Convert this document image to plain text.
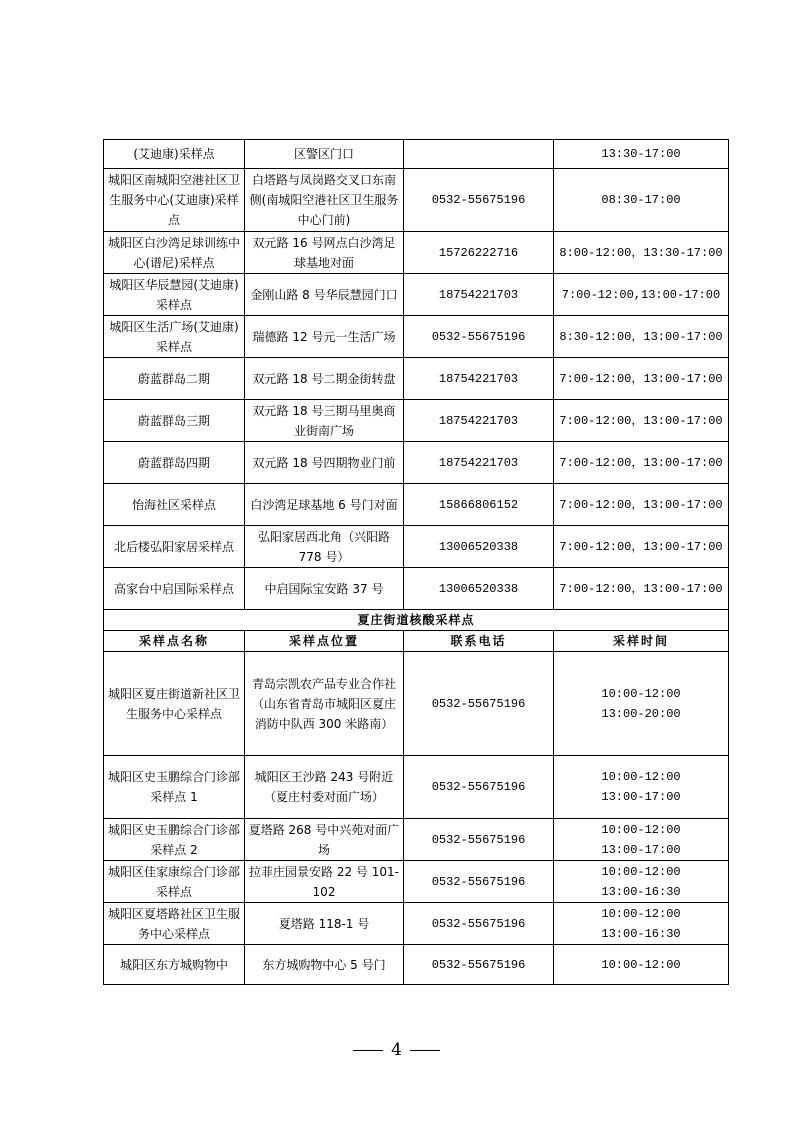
(艾迪康)采样点	区警区门口		13:30-17:00
城阳区南城阳空港社区卫生服务中心(艾迪康)采样点	白塔路与凤岗路交叉口东南侧(南城阳空港社区卫生服务中心门前)	0532-55675196	08:30-17:00
城阳区白沙湾足球训练中心(谱尼)采样点	双元路 16 号网点白沙湾足球基地对面	15726222716	8:00-12:00，13:30-17:00
城阳区华辰慧园(艾迪康)采样点	金刚山路 8 号华辰慧园门口	18754221703	7:00-12:00,13:00-17:00
城阳区生活广场(艾迪康)采样点	瑞德路 12 号元一生活广场	0532-55675196	8:30-12:00，13:00-17:00
蔚蓝群岛二期	双元路 18 号二期金街转盘	18754221703	7:00-12:00，13:00-17:00
蔚蓝群岛三期	双元路 18 号三期马里奥商业街南广场	18754221703	7:00-12:00，13:00-17:00
蔚蓝群岛四期	双元路 18 号四期物业门前	18754221703	7:00-12:00，13:00-17:00
怡海社区采样点	白沙湾足球基地 6 号门对面	15866806152	7:00-12:00，13:00-17:00
北后楼弘阳家居采样点	弘阳家居西北角（兴阳路 778 号）	13006520338	7:00-12:00，13:00-17:00
高家台中启国际采样点	中启国际宝安路 37 号	13006520338	7:00-12:00，13:00-17:00
夏庄街道核酸采样点			
采样点名称	采样点位置	联系电话	采样时间
城阳区夏庄街道新社区卫生服务中心采样点	青岛宗凯农产品专业合作社（山东省青岛市城阳区夏庄消防中队西 300 米路南）	0532-55675196	10:00-12:00
13:00-20:00

城阳区史玉鹏综合门诊部采样点 1	城阳区王沙路 243 号附近（夏庄村委对面广场）	0532-55675196	10:00-12:00
13:00-17:00

城阳区史玉鹏综合门诊部采样点 2	夏塔路 268 号中兴苑对面广场	0532-55675196	10:00-12:00
13:00-17:00

城阳区佳家康综合门诊部采样点	拉菲庄园景安路 22 号 101-102	0532-55675196	10:00-12:00
13:00-16:30

城阳区夏塔路社区卫生服务中心采样点	夏塔路 118-1 号	0532-55675196	10:00-12:00
13:00-16:30

城阳区东方城购物中	东方城购物中心 5 号门	0532-55675196	10:00-12:00
4
